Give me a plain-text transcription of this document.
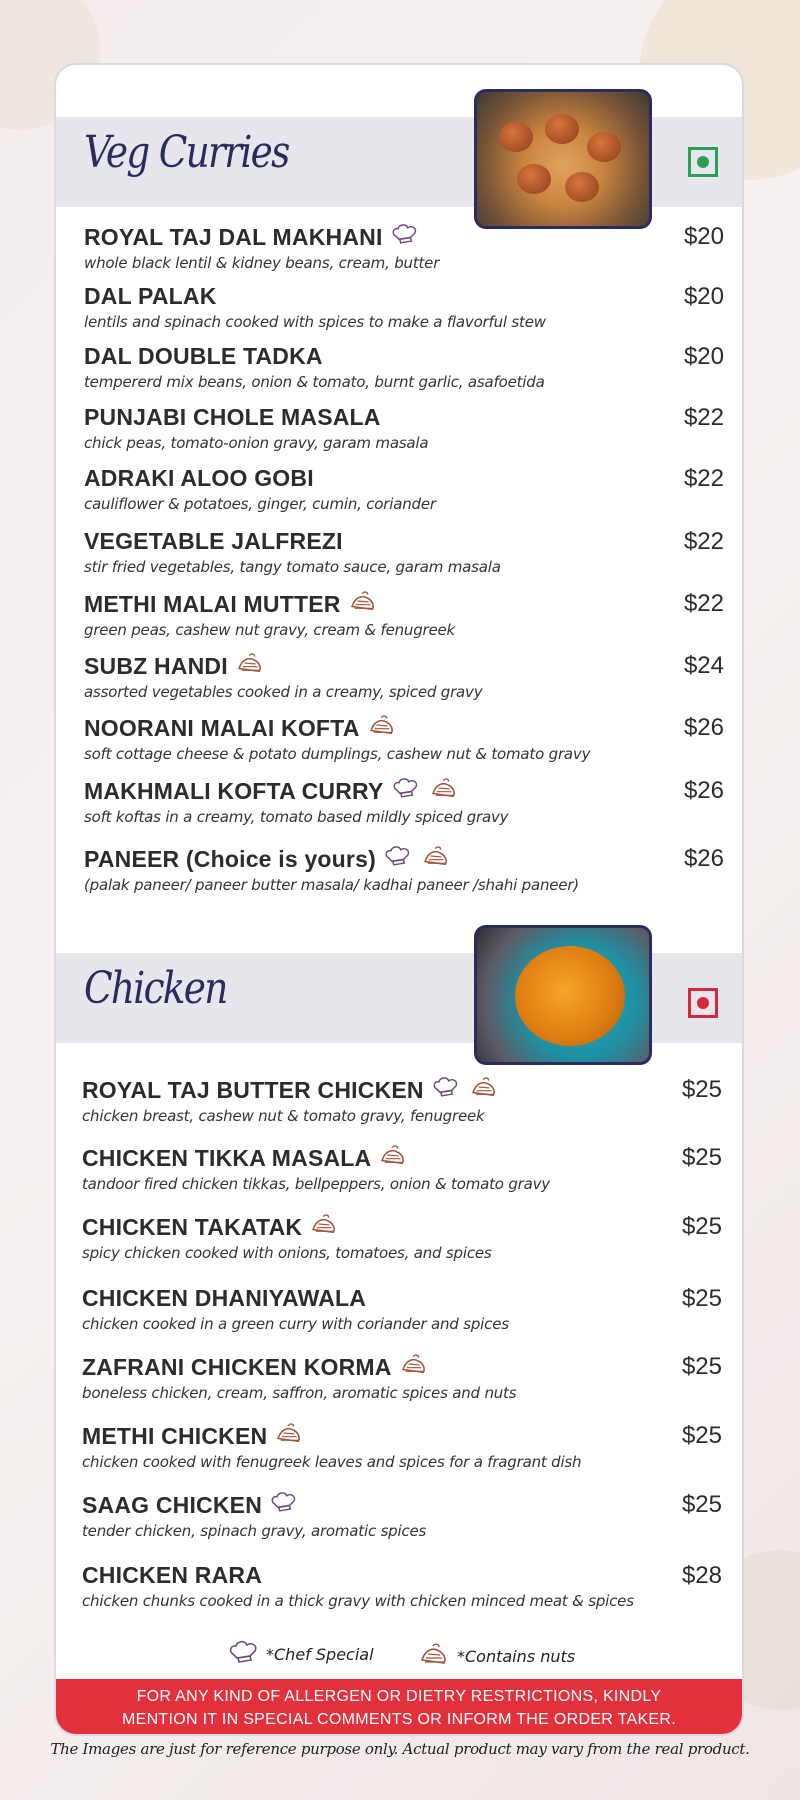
Veg Curries
ROYAL TAJ DAL MAKHANI
whole black lentil & kidney beans, cream, butter
$20
DAL PALAK
lentils and spinach cooked with spices to make a flavorful stew
$20
DAL DOUBLE TADKA
tempererd mix beans, onion & tomato, burnt garlic, asafoetida
$20
PUNJABI CHOLE MASALA
chick peas, tomato-onion gravy, garam masala
$22
ADRAKI ALOO GOBI
cauliflower & potatoes, ginger, cumin, coriander
$22
VEGETABLE JALFREZI
stir fried vegetables, tangy tomato sauce, garam masala
$22
METHI MALAI MUTTER
green peas, cashew nut gravy, cream & fenugreek
$22
SUBZ HANDI
assorted vegetables cooked in a creamy, spiced gravy
$24
NOORANI MALAI KOFTA
soft cottage cheese & potato dumplings, cashew nut & tomato gravy
$26
MAKHMALI KOFTA CURRY
soft koftas in a creamy, tomato based mildly spiced gravy
$26
PANEER (Choice is yours)
(palak paneer/ paneer butter masala/ kadhai paneer /shahi paneer)
$26
Chicken
ROYAL TAJ BUTTER CHICKEN
chicken breast, cashew nut & tomato gravy, fenugreek
$25
CHICKEN TIKKA MASALA
tandoor fired chicken tikkas, bellpeppers, onion & tomato gravy
$25
CHICKEN TAKATAK
spicy chicken cooked with onions, tomatoes, and spices
$25
CHICKEN DHANIYAWALA
chicken cooked in a green curry with coriander and spices
$25
ZAFRANI CHICKEN KORMA
boneless chicken, cream, saffron, aromatic spices and nuts
$25
METHI CHICKEN
chicken cooked with fenugreek leaves and spices for a fragrant dish
$25
SAAG CHICKEN
tender chicken, spinach gravy, aromatic spices
$25
CHICKEN RARA
chicken chunks cooked in a thick gravy with chicken minced meat & spices
$28
*Chef Special	*Contains nuts
FOR ANY KIND OF ALLERGEN OR DIETRY RESTRICTIONS, KINDLY
MENTION IT IN SPECIAL COMMENTS OR INFORM THE ORDER TAKER.
The Images are just for reference purpose only. Actual product may vary from the real product.
